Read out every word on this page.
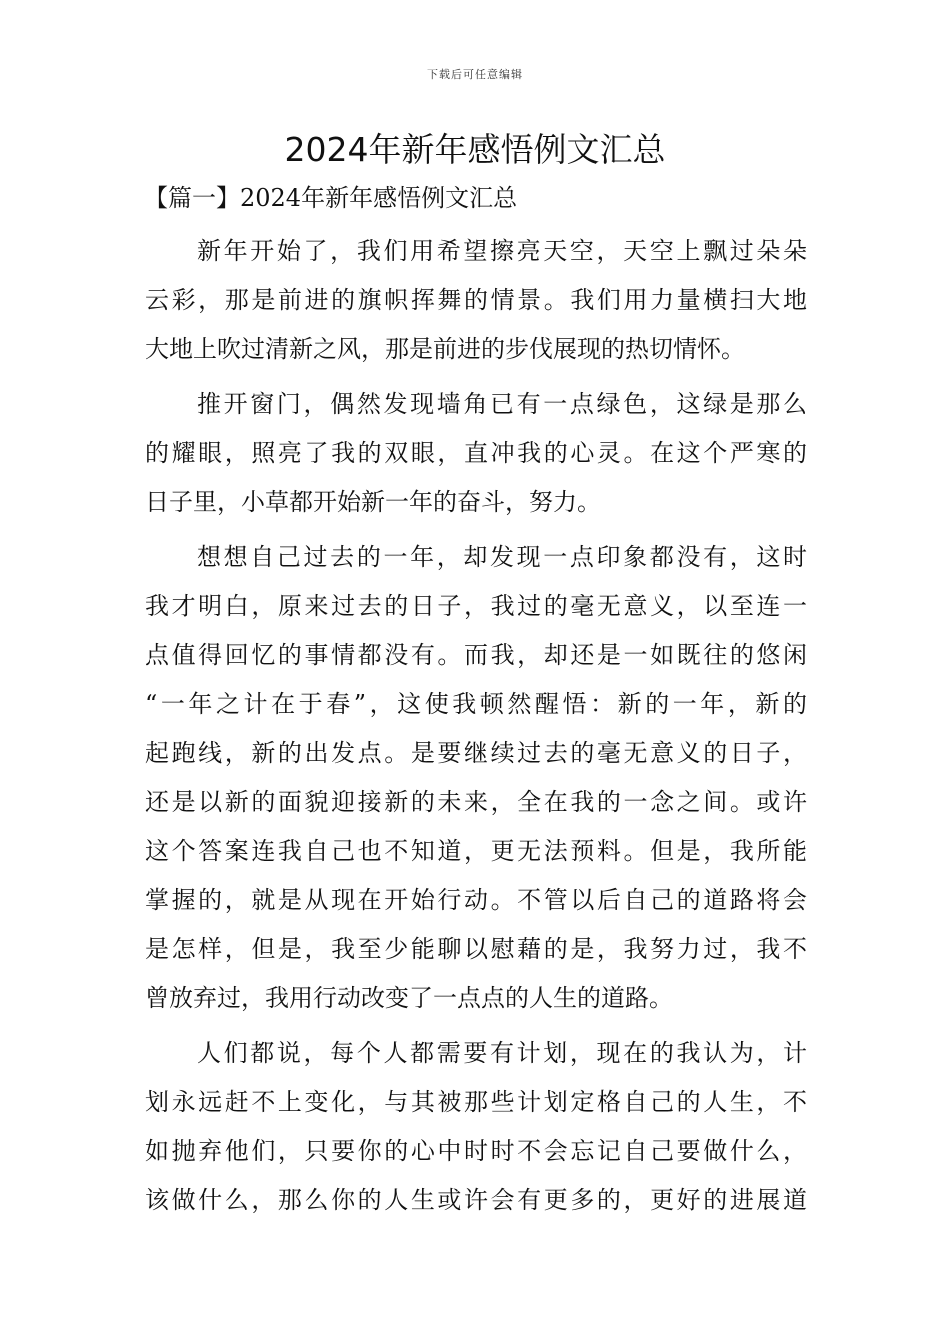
下载后可任意编辑
2024年新年感悟例文汇总
【篇一】2024年新年感悟例文汇总

新年开始了，我们用希望擦亮天空，天空上飘过朵朵
云彩，那是前进的旗帜挥舞的情景。我们用力量横扫大地
大地上吹过清新之风，那是前进的步伐展现的热切情怀。

推开窗门，偶然发现墙角已有一点绿色，这绿是那么
的耀眼，照亮了我的双眼，直冲我的心灵。在这个严寒的
日子里，小草都开始新一年的奋斗，努力。

想想自己过去的一年，却发现一点印象都没有，这时
我才明白，原来过去的日子，我过的毫无意义，以至连一
点值得回忆的事情都没有。而我，却还是一如既往的悠闲
“一年之计在于春”，这使我顿然醒悟：新的一年，新的
起跑线，新的出发点。是要继续过去的毫无意义的日子，
还是以新的面貌迎接新的未来，全在我的一念之间。或许
这个答案连我自己也不知道，更无法预料。但是，我所能
掌握的，就是从现在开始行动。不管以后自己的道路将会
是怎样，但是，我至少能聊以慰藉的是，我努力过，我不
曾放弃过，我用行动改变了一点点的人生的道路。

人们都说，每个人都需要有计划，现在的我认为，计
划永远赶不上变化，与其被那些计划定格自己的人生，不
如抛弃他们，只要你的心中时时不会忘记自己要做什么，
该做什么，那么你的人生或许会有更多的，更好的进展道
